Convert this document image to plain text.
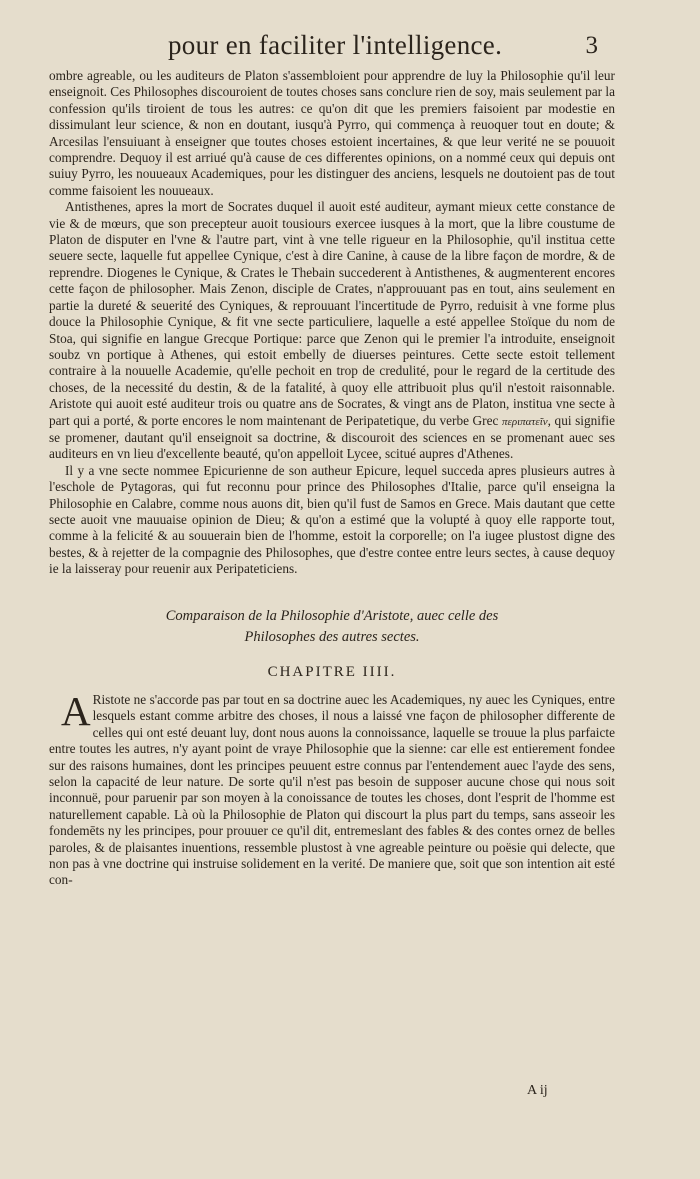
pour en faciliter l'intelligence.	3

ombre agreable, ou les auditeurs de Platon s'assembloient pour apprendre de luy la Philosophie qu'il leur enseignoit. Ces Philosophes discouroient de toutes choses sans conclure rien de soy, mais seulement par la confession qu'ils tiroient de tous les autres: ce qu'on dit que les premiers faisoient par modestie en dissimulant leur science, & non en doutant, iusqu'à Pyrro, qui commença à reuoquer tout en doute; & Arcesilas l'ensuiuant à enseigner que toutes choses estoient incertaines, & que leur verité ne se pouuoit comprendre. Dequoy il est arriué qu'à cause de ces differentes opinions, on a nommé ceux qui depuis ont suiuy Pyrro, les nouueaux Academiques, pour les distinguer des anciens, lesquels ne doutoient pas de tout comme faisoient les nouueaux.

Antisthenes, apres la mort de Socrates duquel il auoit esté auditeur, aymant mieux cette constance de vie & de mœurs, que son precepteur auoit tousiours exercee iusques à la mort, que la libre coustume de Platon de disputer en l'vne & l'autre part, vint à vne telle rigueur en la Philosophie, qu'il institua cette seuere secte, laquelle fut appellee Cynique, c'est à dire Canine, à cause de la libre façon de mordre, & de reprendre. Diogenes le Cynique, & Crates le Thebain succederent à Antisthenes, & augmenterent encores cette façon de philosopher. Mais Zenon, disciple de Crates, n'approuuant pas en tout, ains seulement en partie la dureté & seuerité des Cyniques, & reprouuant l'incertitude de Pyrro, reduisit à vne forme plus douce la Philosophie Cynique, & fit vne secte particuliere, laquelle a esté appellee Stoïque du nom de Stoa, qui signifie en langue Grecque Portique: parce que Zenon qui le premier l'a introduite, enseignoit soubz vn portique à Athenes, qui estoit embelly de diuerses peintures. Cette secte estoit tellement contraire à la nouuelle Academie, qu'elle pechoit en trop de credulité, pour le regard de la certitude des choses, de la necessité du destin, & de la fatalité, à quoy elle attribuoit plus qu'il n'estoit raisonnable. Aristote qui auoit esté auditeur trois ou quatre ans de Socrates, & vingt ans de Platon, institua vne secte à part qui a porté, & porte encores le nom maintenant de Peripatetique, du verbe Grec περιπατεῖν, qui signifie se promener, dautant qu'il enseignoit sa doctrine, & discouroit des sciences en se promenant auec ses auditeurs en vn lieu d'excellente beauté, qu'on appelloit Lycee, scitué aupres d'Athenes.

Il y a vne secte nommee Epicurienne de son autheur Epicure, lequel succeda apres plusieurs autres à l'eschole de Pytagoras, qui fut reconnu pour prince des Philosophes d'Italie, parce qu'il enseigna la Philosophie en Calabre, comme nous auons dit, bien qu'il fust de Samos en Grece. Mais dautant que cette secte auoit vne mauuaise opinion de Dieu; & qu'on a estimé que la volupté à quoy elle rapporte tout, comme à la felicité & au souuerain bien de l'homme, estoit la corporelle; on l'a iugee plustost digne des bestes, & à rejetter de la compagnie des Philosophes, que d'estre contee entre leurs sectes, à cause dequoy ie la laisseray pour reuenir aux Peripateticiens.

Comparaison de la Philosophie d'Aristote, auec celle des
Philosophes des autres sectes.
CHAPITRE IIII.

A Ristote ne s'accorde pas par tout en sa doctrine auec les Academiques, ny auec les Cyniques, entre lesquels estant comme arbitre des choses, il nous a laissé vne façon de philosopher differente de celles qui ont esté deuant luy, dont nous auons la connoissance, laquelle se trouue la plus parfaicte entre toutes les autres, n'y ayant point de vraye Philosophie que la sienne: car elle est entierement fondee sur des raisons humaines, dont les principes peuuent estre connus par l'entendement auec l'ayde des sens, selon la capacité de leur nature. De sorte qu'il n'est pas besoin de supposer aucune chose qui nous soit inconnuë, pour paruenir par son moyen à la conoissance de toutes les choses, dont l'esprit de l'homme est naturellement capable. Là où la Philosophie de Platon qui discourt la plus part du temps, sans asseoir les fondemēts ny les principes, pour prouuer ce qu'il dit, entremeslant des fables & des contes ornez de belles paroles, & de plaisantes inuentions, ressemble plustost à vne agreable peinture ou poësie qui delecte, que non pas à vne doctrine qui instruise solidement en la verité. De maniere que, soit que son intention ait esté con-

A ij
